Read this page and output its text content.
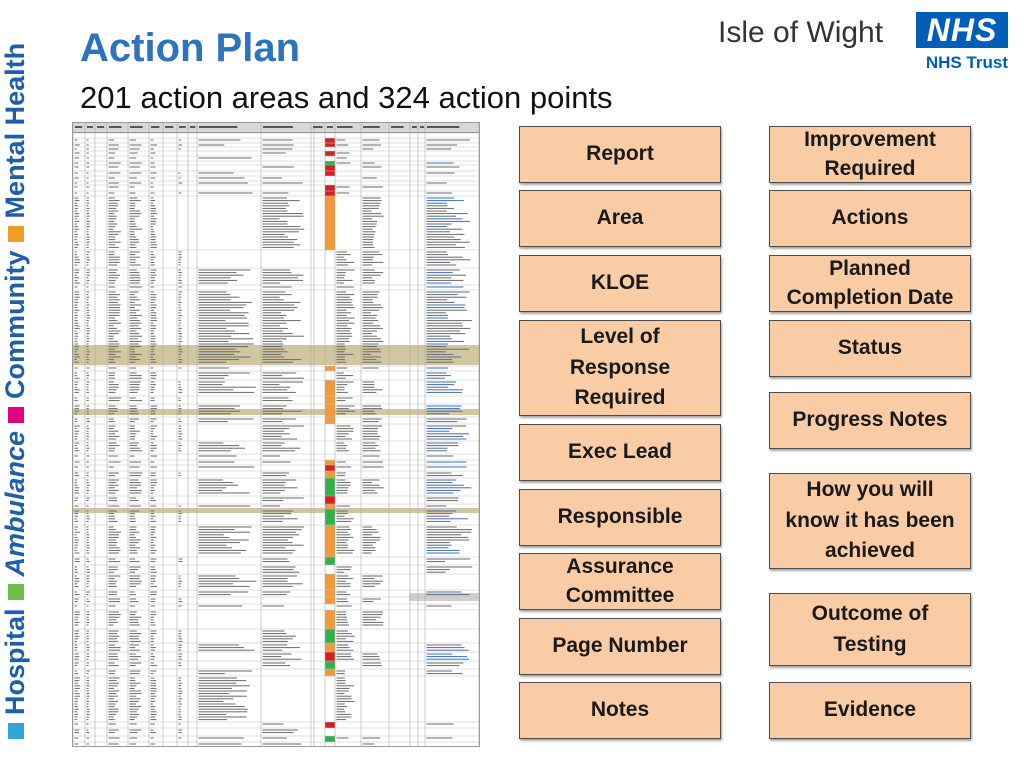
Hospital
Ambulance
Community
Mental Health Action Plan
201 action areas and 324 action points
Isle of Wight	NHS
NHS Trust
Report
Area
KLOE
Level of Response Required
Exec Lead
Responsible
Assurance Committee
Page Number
Notes
Improvement Required
Actions
Planned Completion Date
Status
Progress Notes
How you will know it has been achieved
Outcome of Testing
Evidence
